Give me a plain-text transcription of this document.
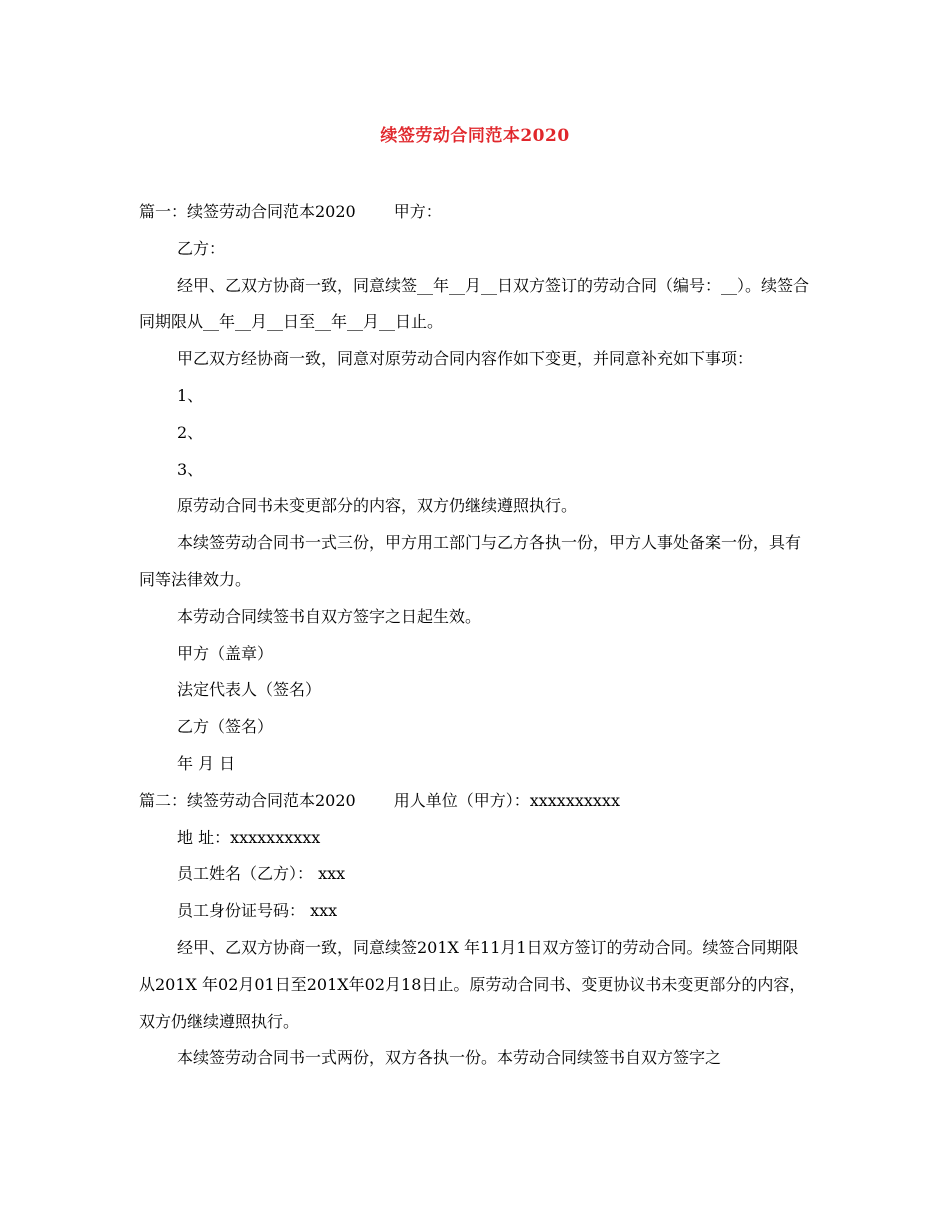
续签劳动合同范本2020

篇一：续签劳动合同范本2020 甲方：

乙方：

经甲、乙双方协商一致，同意续签__年__月__日双方签订的劳动合同（编号：__）。续签合同期限从__年__月__日至__年__月__日止。

甲乙双方经协商一致，同意对原劳动合同内容作如下变更，并同意补充如下事项：

1、

2、

3、

原劳动合同书未变更部分的内容，双方仍继续遵照执行。

本续签劳动合同书一式三份，甲方用工部门与乙方各执一份，甲方人事处备案一份，具有同等法律效力。

本劳动合同续签书自双方签字之日起生效。

甲方（盖章）

法定代表人（签名）

乙方（签名）

年 月 日

篇二：续签劳动合同范本2020 用人单位（甲方）：xxxxxxxxxx

地 址：xxxxxxxxxx

员工姓名（乙方）： xxx

员工身份证号码： xxx

经甲、乙双方协商一致，同意续签201X 年11月1日双方签订的劳动合同。续签合同期限从201X 年02月01日至201X年02月18日止。原劳动合同书、变更协议书未变更部分的内容，双方仍继续遵照执行。

本续签劳动合同书一式两份，双方各执一份。本劳动合同续签书自双方签字之
